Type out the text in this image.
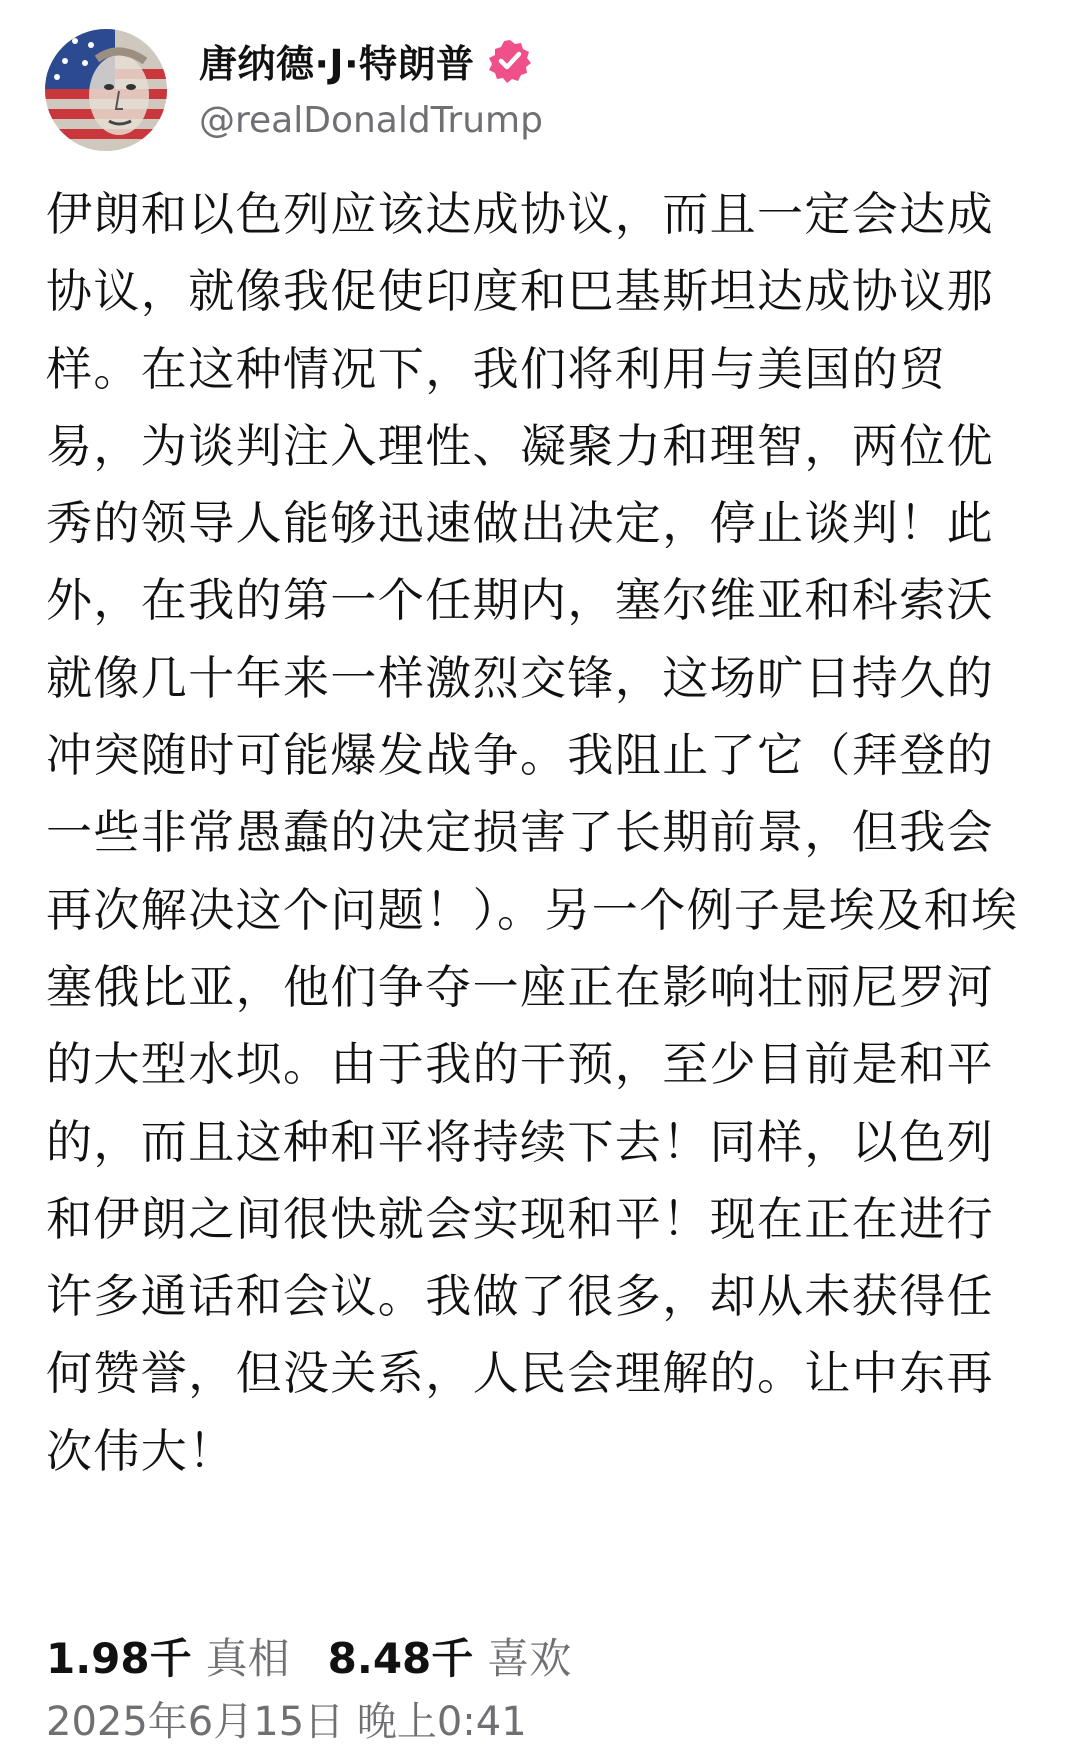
唐纳德·J·特朗普
@realDonaldTrump
伊朗和以色列应该达成协议，而且一定会达成协议，就像我促使印度和巴基斯坦达成协议那样。在这种情况下，我们将利用与美国的贸易，为谈判注入理性、凝聚力和理智，两位优秀的领导人能够迅速做出决定，停止谈判！此外，在我的第一个任期内，塞尔维亚和科索沃就像几十年来一样激烈交锋，这场旷日持久的冲突随时可能爆发战争。我阻止了它（拜登的一些非常愚蠢的决定损害了长期前景，但我会再次解决这个问题！）。另一个例子是埃及和埃塞俄比亚，他们争夺一座正在影响壮丽尼罗河的大型水坝。由于我的干预，至少目前是和平的，而且这种和平将持续下去！同样，以色列和伊朗之间很快就会实现和平！现在正在进行许多通话和会议。我做了很多，却从未获得任何赞誉，但没关系，人民会理解的。让中东再次伟大！
1.98千 真相 8.48千 喜欢
2025年6月15日 晚上0:41
